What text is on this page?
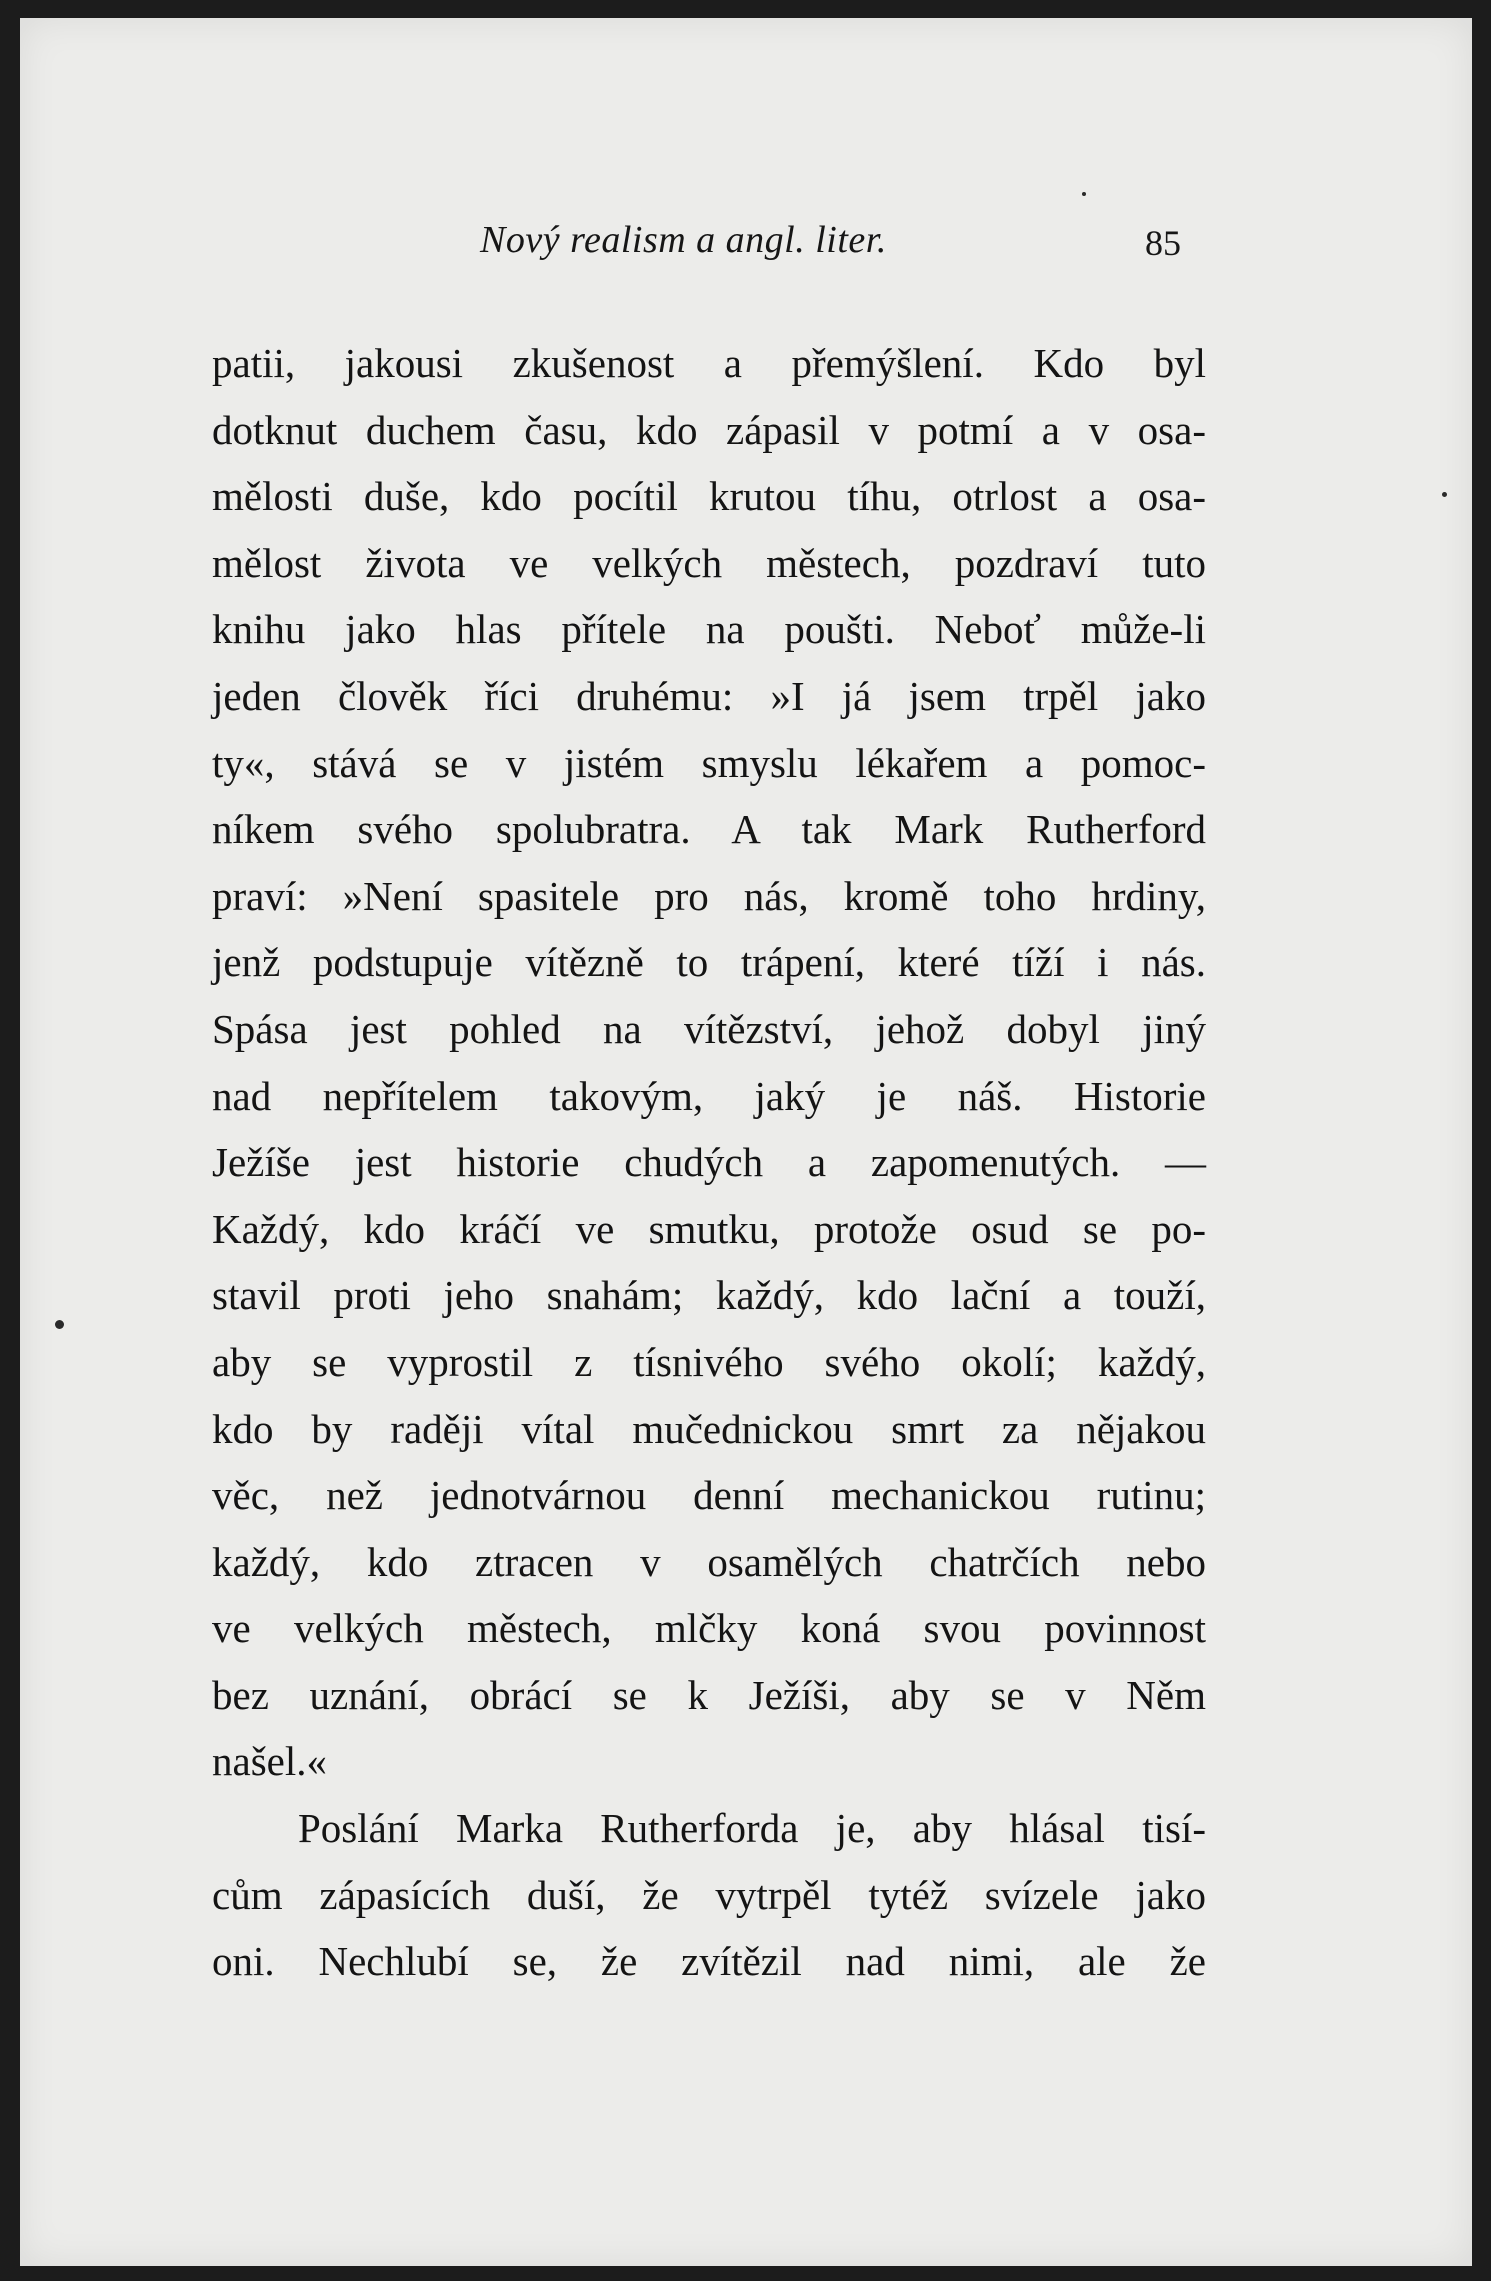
Nový realism a angl. liter.	85
patii, jakousi zkušenost a přemýšlení. Kdo byl
dotknut duchem času, kdo zápasil v potmí a v osa-
mělosti duše, kdo pocítil krutou tíhu, otrlost a osa-
mělost života ve velkých městech, pozdraví tuto
knihu jako hlas přítele na poušti. Neboť může-li
jeden člověk říci druhému: »I já jsem trpěl jako
ty«, stává se v jistém smyslu lékařem a pomoc-
níkem svého spolubratra. A tak Mark Rutherford
praví: »Není spasitele pro nás, kromě toho hrdiny,
jenž podstupuje vítězně to trápení, které tíží i nás.
Spása jest pohled na vítězství, jehož dobyl jiný
nad nepřítelem takovým, jaký je náš. Historie
Ježíše jest historie chudých a zapomenutých. —
Každý, kdo kráčí ve smutku, protože osud se po-
stavil proti jeho snahám; každý, kdo lační a touží,
aby se vyprostil z tísnivého svého okolí; každý,
kdo by raději vítal mučednickou smrt za nějakou
věc, než jednotvárnou denní mechanickou rutinu;
každý, kdo ztracen v osamělých chatrčích nebo
ve velkých městech, mlčky koná svou povinnost
bez uznání, obrácí se k Ježíši, aby se v Něm
našel.«
Poslání Marka Rutherforda je, aby hlásal tisí-
cům zápasících duší, že vytrpěl tytéž svízele jako
oni. Nechlubí se, že zvítězil nad nimi, ale že
